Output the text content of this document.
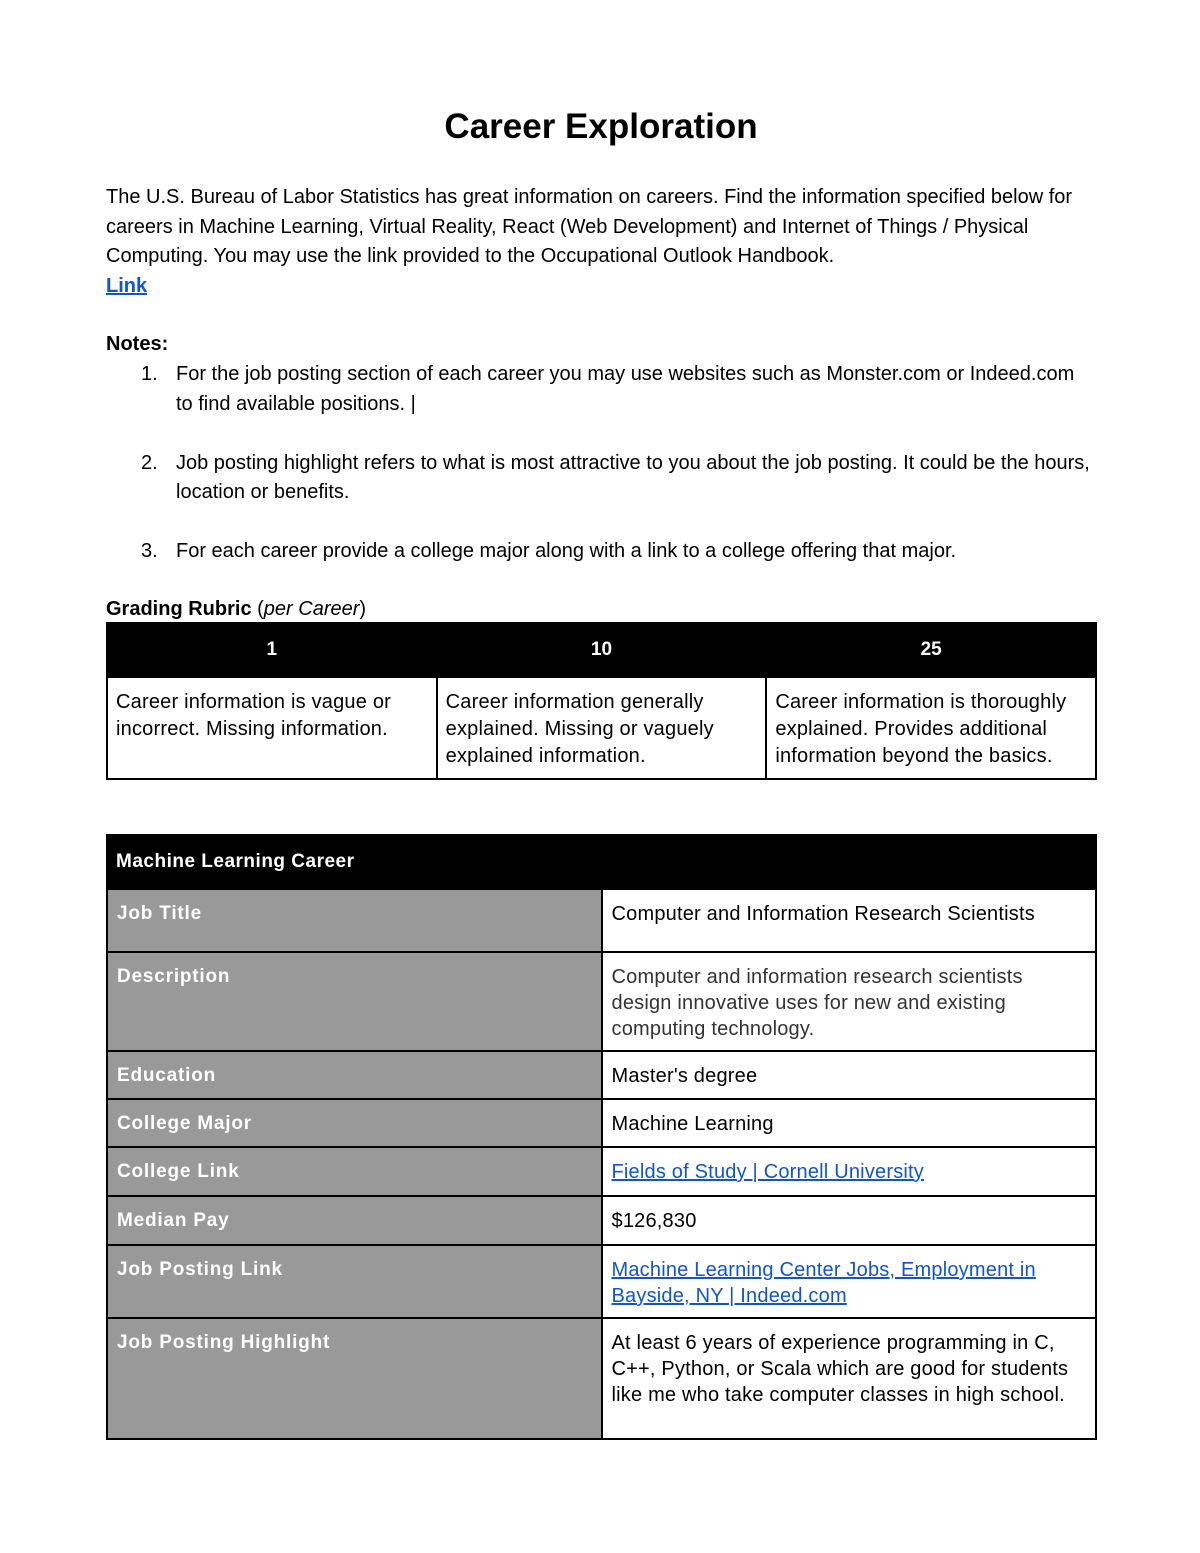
Career Exploration
The U.S. Bureau of Labor Statistics has great information on careers. Find the information specified below for careers in Machine Learning, Virtual Reality, React (Web Development) and Internet of Things / Physical Computing. You may use the link provided to the Occupational Outlook Handbook.
Link
Notes:
1. For the job posting section of each career you may use websites such as Monster.com or Indeed.com to find available positions. |
2. Job posting highlight refers to what is most attractive to you about the job posting. It could be the hours, location or benefits.
3. For each career provide a college major along with a link to a college offering that major.
Grading Rubric (per Career)
1	10	25
Career information is vague or incorrect. Missing information.	Career information generally explained. Missing or vaguely explained information.	Career information is thoroughly explained. Provides additional information beyond the basics.
Machine Learning Career	
Job Title	Computer and Information Research Scientists
Description	Computer and information research scientists design innovative uses for new and existing computing technology.
Education	Master's degree
College Major	Machine Learning
College Link	Fields of Study | Cornell University
Median Pay	$126,830
Job Posting Link	Machine Learning Center Jobs, Employment in Bayside, NY | Indeed.com
Job Posting Highlight	At least 6 years of experience programming in C, C++, Python, or Scala which are good for students like me who take computer classes in high school.
